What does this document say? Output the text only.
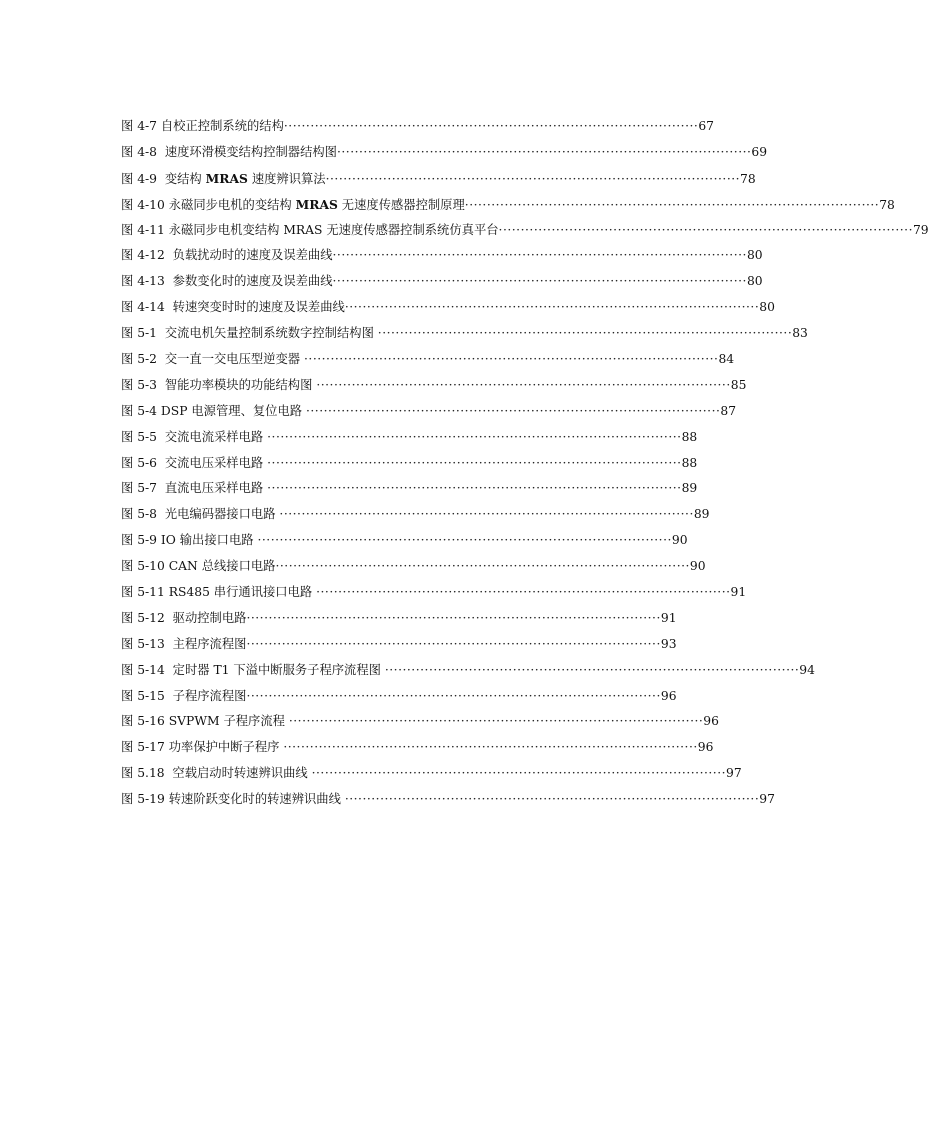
图 4-7 自校正控制系统的结构 ······························································································ 67
图 4-8  速度环滑模变结构控制器结构图 ······························································································ 69
图 4-9  变结构 MRAS 速度辨识算法 ······························································································ 78
图 4-10 永磁同步电机的变结构 MRAS 无速度传感器控制原理 ······························································································ 78
图 4-11 永磁同步电机变结构 MRAS 无速度传感器控制系统仿真平台 ······························································································ 79
图 4-12  负载扰动时的速度及误差曲线 ······························································································ 80
图 4-13  参数变化时的速度及误差曲线 ······························································································ 80
图 4-14  转速突变时时的速度及误差曲线 ······························································································ 80
图 5-1  交流电机矢量控制系统数字控制结构图 ······························································································ 83
图 5-2  交一直一交电压型逆变器 ······························································································ 84
图 5-3  智能功率模块的功能结构图 ······························································································ 85
图 5-4 DSP 电源管理、复位电路 ······························································································ 87
图 5-5  交流电流采样电路 ······························································································ 88
图 5-6  交流电压采样电路 ······························································································ 88
图 5-7  直流电压采样电路 ······························································································ 89
图 5-8  光电编码器接口电路 ······························································································ 89
图 5-9 IO 输出接口电路 ······························································································ 90
图 5-10 CAN 总线接口电路 ······························································································ 90
图 5-11 RS485 串行通讯接口电路 ······························································································ 91
图 5-12  驱动控制电路 ······························································································ 91
图 5-13  主程序流程图 ······························································································ 93
图 5-14  定时器 T1 下溢中断服务子程序流程图 ······························································································ 94
图 5-15  子程序流程图 ······························································································ 96
图 5-16 SVPWM 子程序流程 ······························································································ 96
图 5-17 功率保护中断子程序 ······························································································ 96
图 5.18  空载启动时转速辨识曲线 ······························································································ 97
图 5-19 转速阶跃变化时的转速辨识曲线 ······························································································ 97
